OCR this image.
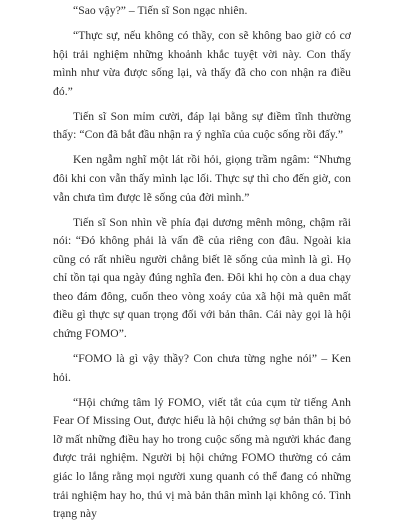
“Sao vậy?” – Tiến sĩ Son ngạc nhiên.

“Thực sự, nếu không có thầy, con sẽ không bao giờ có cơ hội trải nghiệm những khoảnh khắc tuyệt vời này. Con thấy mình như vừa được sống lại, và thấy đã cho con nhận ra điều đó.”

Tiến sĩ Son mỉm cười, đáp lại bằng sự điềm tĩnh thường thấy: “Con đã bắt đầu nhận ra ý nghĩa của cuộc sống rồi đấy.”

Ken ngẫm nghĩ một lát rồi hỏi, giọng trầm ngâm: “Nhưng đôi khi con vẫn thấy mình lạc lối. Thực sự thì cho đến giờ, con vẫn chưa tìm được lẽ sống của đời mình.”

Tiến sĩ Son nhìn về phía đại dương mênh mông, chậm rãi nói: “Đó không phải là vấn đề của riêng con đâu. Ngoài kia cũng có rất nhiều người chẳng biết lẽ sống của mình là gì. Họ chỉ tồn tại qua ngày đúng nghĩa đen. Đôi khi họ còn a dua chạy theo đám đông, cuốn theo vòng xoáy của xã hội mà quên mất điều gì thực sự quan trọng đối với bản thân. Cái này gọi là hội chứng FOMO”.

“FOMO là gì vậy thầy? Con chưa từng nghe nói” – Ken hỏi.

“Hội chứng tâm lý FOMO, viết tắt của cụm từ tiếng Anh Fear Of Missing Out, được hiểu là hội chứng sợ bản thân bị bỏ lỡ mất những điều hay ho trong cuộc sống mà người khác đang được trải nghiệm. Người bị hội chứng FOMO thường có cảm giác lo lắng rằng mọi người xung quanh có thể đang có những trải nghiệm hay ho, thú vị mà bản thân mình lại không có. Tình trạng này
